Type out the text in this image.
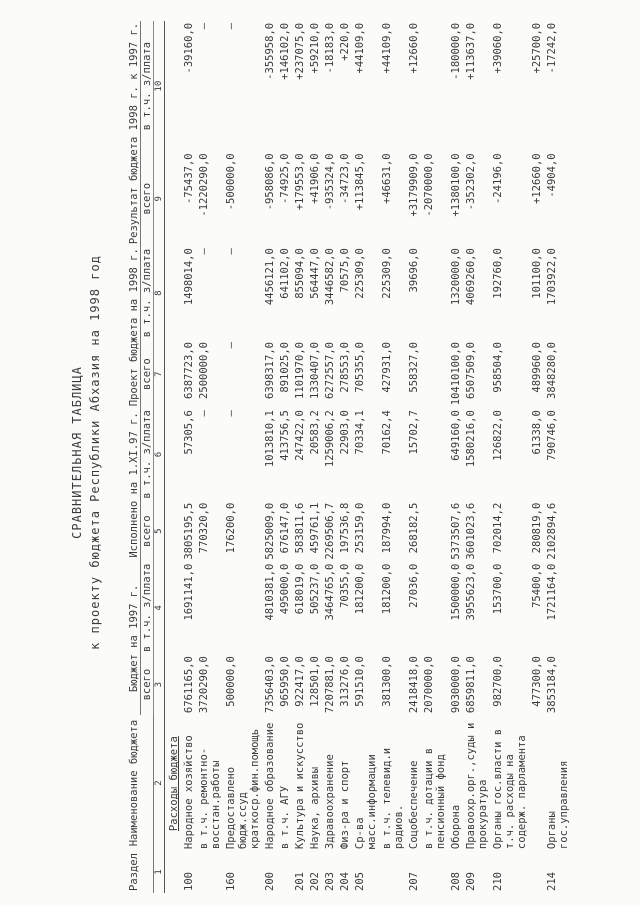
СРАВНИТЕЛЬНАЯ ТАБЛИЦА к проекту бюджета Республики Абхазия на 1998 год
Раздел	Наименование бюджета	Бюджет на 1997 г.		Исполнено на 1.XI.97 г.		Проект бюджета на 1998 г.		Результат бюджета 1998 г. к 1997 г.	
		всего	в т.ч. з/плата	всего	в т.ч. з/плата	всего	в т.ч. з/плата	всего	в т.ч. з/плата
1	2	3	4	5	6	7	8	9	10
	Расходы бюджета								
100	Народное хозяйство	6761165,0	1691141,0	3805195,5	57305,6	6387723,0	1498014,0	-75437,0	-39160,0
	в т.ч. ремонтно-восстан.работы	3720290,0		770320,0	—	2500000,0	—	-1220290,0	—
160	Предоставлено бюдж.ссуд краткоср.фин.помощь	500000,0		176200,0	—	—	—	-500000,0	—
200	Народное образование	7356403,0	4810381,0	5825009,0	1013810,1	6398317,0	4456121,0	-958086,0	-355958,0
	в т.ч. АГУ	965950,0	495000,0	676147,0	413756,5	891025,0	641102,0	-74925,0	+146102,0
201	Культура и искусство	922417,0	618019,0	583811,6	247422,0	1101970,0	855094,0	+179553,0	+237075,0
202	Наука, архивы	128501,0	505237,0	459761,1	20583,2	1330407,0	564447,0	+41906,0	+59210,0
203	Здравоохранение	7207881,0	3464765,0	2269506,7	1259006,2	6272557,0	3446582,0	-935324,0	-18183,0
204	Физ-ра и спорт	313276,0	70355,0	197536,8	22903,0	278553,0	70575,0	-34723,0	+220,0
205	Ср-ва масс.информации	591510,0	181200,0	253159,0	70334,1	705355,0	225309,0	+113845,0	+44109,0
	в т.ч. телевид.и радиов.	381300,0	181200,0	187994,0	70162,4	427931,0	225309,0	+46631,0	+44109,0
207	Соцобеспечение	2418418,0	27036,0	268182,5	15702,7	558327,0	39696,0	+3179909,0	+12660,0
	в т.ч. дотации в пенсионный фонд	2070000,0						-2070000,0	
208	Оборона	9030000,0	1500000,0	5373507,6	649160,0	10410100,0	1320000,0	+1380100,0	-180000,0
209	Правоохр.орг.,суды и прокуратура	6859811,0	3955623,0	3601023,6	1580216,0	6507509,0	4069260,0	-352302,0	+113637,0
210	Органы гос.власти в т.ч. расходы на содерж. парламента	982700,0	153700,0	702014,2	126822,0	958504,0	192760,0	-24196,0	+39060,0
		477300,0	75400,0	280819,0	61338,0	489960,0	101100,0	+12660,0	+25700,0
214	Органы гос.управления	3853184,0	1721164,0	2102894,6	790746,0	3848280,0	1703922,0	-4904,0	-17242,0
